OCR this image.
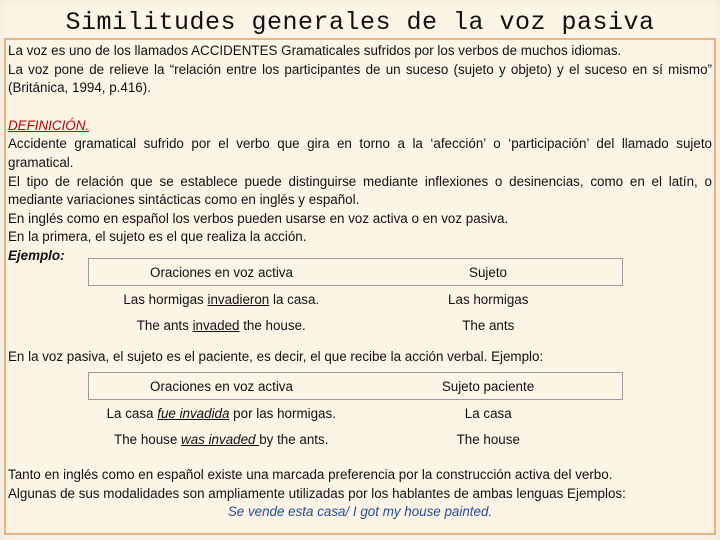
Similitudes generales de la voz pasiva

La voz es uno de los llamados ACCIDENTES Gramaticales sufridos por los verbos de muchos idiomas.

La voz pone de relieve la “relación entre los participantes de un suceso (sujeto y objeto) y el suceso en sí mismo” (Británica, 1994, p.416).

DEFINICIÓN.

Accidente gramatical sufrido por el verbo que gira en torno a la ‘afección’ o ‘participación’ del llamado sujeto gramatical.

El tipo de relación que se establece puede distinguirse mediante inflexiones o desinencias, como en el latín, o mediante variaciones sintácticas como en inglés y español.

En inglés como en español los verbos pueden usarse en voz activa o en voz pasiva.

En la primera, el sujeto es el que realiza la acción.

Ejemplo:

Oraciones en voz activa	Sujeto
Las hormigas invadieron la casa.	Las hormigas
The ants invaded the house.	The ants
En la voz pasiva, el sujeto es el paciente, es decir, el que recibe la acción verbal. Ejemplo:
Oraciones en voz activa	Sujeto paciente
La casa fue invadida por las hormigas.	La casa
The house was invaded by the ants.	The house

Tanto en inglés como en español existe una marcada preferencia por la construcción activa del verbo.

Algunas de sus modalidades son ampliamente utilizadas por los hablantes de ambas lenguas Ejemplos:

Se vende esta casa/ I got my house painted.
